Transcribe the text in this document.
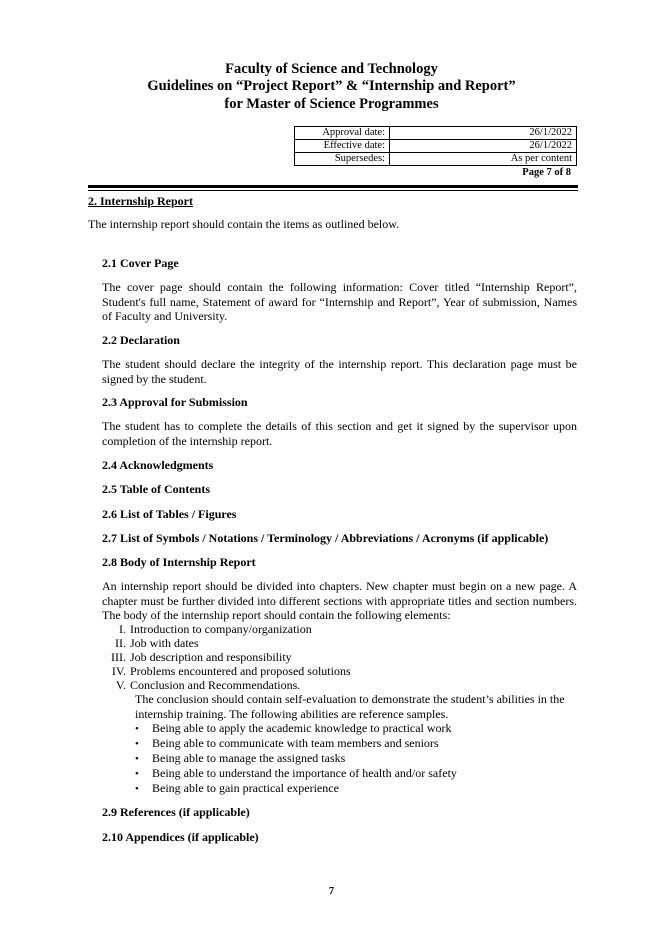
Faculty of Science and Technology
Guidelines on “Project Report” & “Internship and Report”
for Master of Science Programmes
Approval date:	26/1/2022
Effective date:	26/1/2022
Supersedes:	As per content
Page 7 of 8
2. Internship Report
The internship report should contain the items as outlined below.
2.1 Cover Page
The cover page should contain the following information: Cover titled “Internship Report”, Student's full name, Statement of award for “Internship and Report”, Year of submission, Names of Faculty and University.
2.2 Declaration
The student should declare the integrity of the internship report. This declaration page must be signed by the student.
2.3 Approval for Submission
The student has to complete the details of this section and get it signed by the supervisor upon completion of the internship report.
2.4 Acknowledgments
2.5 Table of Contents
2.6 List of Tables / Figures
2.7 List of Symbols / Notations / Terminology / Abbreviations / Acronyms (if applicable)
2.8 Body of Internship Report
An internship report should be divided into chapters. New chapter must begin on a new page. A chapter must be further divided into different sections with appropriate titles and section numbers. The body of the internship report should contain the following elements:
I. Introduction to company/organization
II. Job with dates
III. Job description and responsibility
IV. Problems encountered and proposed solutions
V. Conclusion and Recommendations.
The conclusion should contain self-evaluation to demonstrate the student’s abilities in the internship training. The following abilities are reference samples.
• Being able to apply the academic knowledge to practical work
• Being able to communicate with team members and seniors
• Being able to manage the assigned tasks
• Being able to understand the importance of health and/or safety
• Being able to gain practical experience
2.9 References (if applicable)
2.10 Appendices (if applicable)
7
